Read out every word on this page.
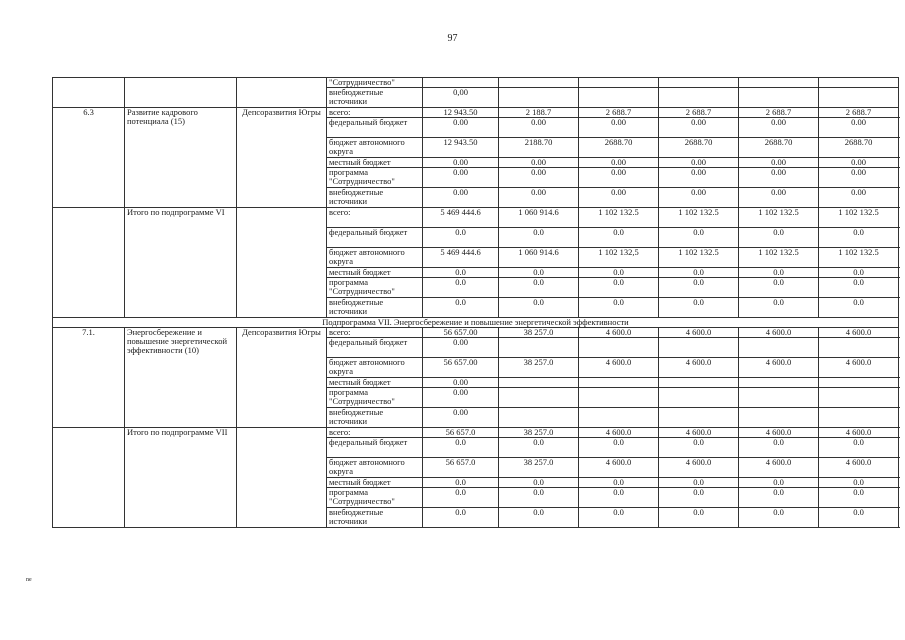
97
			"Сотрудничество"							
			внебюджетные источники	0,00						
6.3	Развитие кадрового потенциала (15)	Депсоразвития Югры	всего:	12 943.50	2 188.7	2 688.7	2 688.7	2 688.7	2 688.7	
			федеральный бюджет	0.00	0.00	0.00	0.00	0.00	0.00	
			бюджет автономного округа	12 943.50	2188.70	2688.70	2688.70	2688.70	2688.70	
			местный бюджет	0.00	0.00	0.00	0.00	0.00	0.00	
			программа "Сотрудничество"	0.00	0.00	0.00	0.00	0.00	0.00	
			внебюджетные источники	0.00	0.00	0.00	0.00	0.00	0.00	
	Итого по подпрограмме VI		всего:	5 469 444.6	1 060 914.6	1 102 132.5	1 102 132.5	1 102 132.5	1 102 132.5	
			федеральный бюджет	0.0	0.0	0.0	0.0	0.0	0.0	
			бюджет автономного округа	5 469 444.6	1 060 914.6	1 102 132,5	1 102 132.5	1 102 132.5	1 102 132.5	
			местный бюджет	0.0	0.0	0.0	0.0	0.0	0.0	
			программа "Сотрудничество"	0.0	0.0	0.0	0.0	0.0	0.0	
			внебюджетные источники	0.0	0.0	0.0	0.0	0.0	0.0	
Подпрограмма VII. Энергосбережение и повышение энергетической эффективности										
7.1.	Энергосбережение и повышение энергетической эффективности (10)	Депсоразвития Югры	всего:	56 657.00	38 257.0	4 600.0	4 600.0	4 600.0	4 600.0	
			федеральный бюджет	0.00						
			бюджет автономного округа	56 657.00	38 257.0	4 600.0	4 600.0	4 600.0	4 600.0	
			местный бюджет	0.00						
			программа "Сотрудничество"	0.00						
			внебюджетные источники	0.00						
	Итого по подпрограмме VII		всего:	56 657.0	38 257.0	4 600.0	4 600.0	4 600.0	4 600.0	
			федеральный бюджет	0.0	0.0	0.0	0.0	0.0	0.0	
			бюджет автономного округа	56 657.0	38 257.0	4 600.0	4 600.0	4 600.0	4 600.0	
			местный бюджет	0.0	0.0	0.0	0.0	0.0	0.0	
			программа "Сотрудничество"	0.0	0.0	0.0	0.0	0.0	0.0	
			внебюджетные источники	0.0	0.0	0.0	0.0	0.0	0.0	
ne
